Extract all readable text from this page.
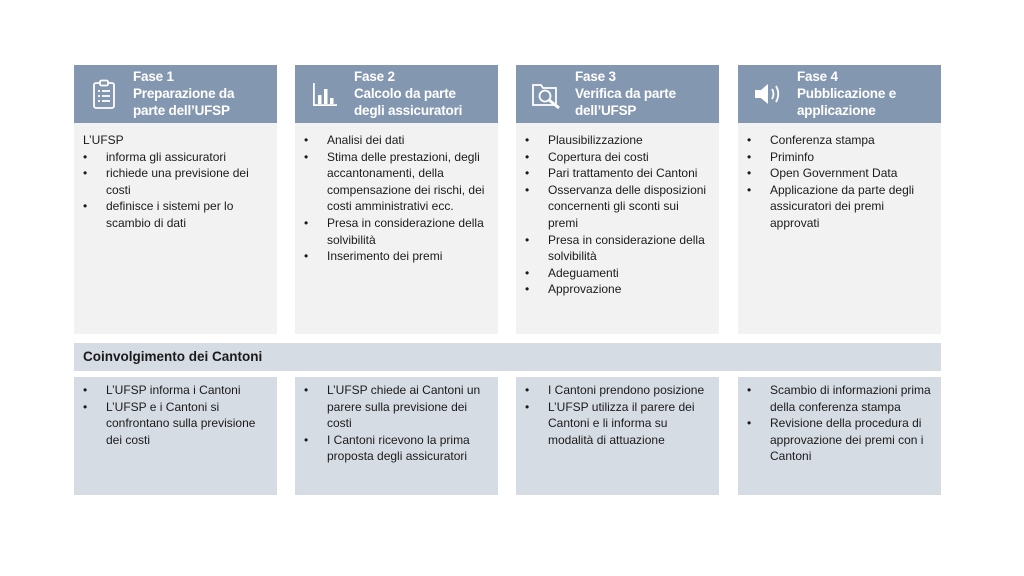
Fase 1
Preparazione da
parte dell’UFSP

L’UFSP

• informa gli assicuratori
• richiede una previsione dei costi
• definisce i sistemi per lo scambio di dati
Fase 2
Calcolo da parte
degli assicuratori
• Analisi dei dati
• Stima delle prestazioni, degli accantonamenti, della compensazione dei rischi, dei costi amministrativi ecc.
• Presa in considerazione della solvibilità
• Inserimento dei premi
Fase 3
Verifica da parte
dell’UFSP
• Plausibilizzazione
• Copertura dei costi
• Pari trattamento dei Cantoni
• Osservanza delle disposizioni concernenti gli sconti sui premi
• Presa in considerazione della solvibilità
• Adeguamenti
• Approvazione
Fase 4
Pubblicazione e
applicazione
• Conferenza stampa
• Priminfo
• Open Government Data
• Applicazione da parte degli assicuratori dei premi approvati
Coinvolgimento dei Cantoni
• L’UFSP informa i Cantoni
• L’UFSP e i Cantoni si confrontano sulla previsione dei costi
• L’UFSP chiede ai Cantoni un parere sulla previsione dei costi
• I Cantoni ricevono la prima proposta degli assicuratori
• I Cantoni prendono posizione
• L’UFSP utilizza il parere dei Cantoni e li informa su modalità di attuazione
• Scambio di informazioni prima della conferenza stampa
• Revisione della procedura di approvazione dei premi con i Cantoni
